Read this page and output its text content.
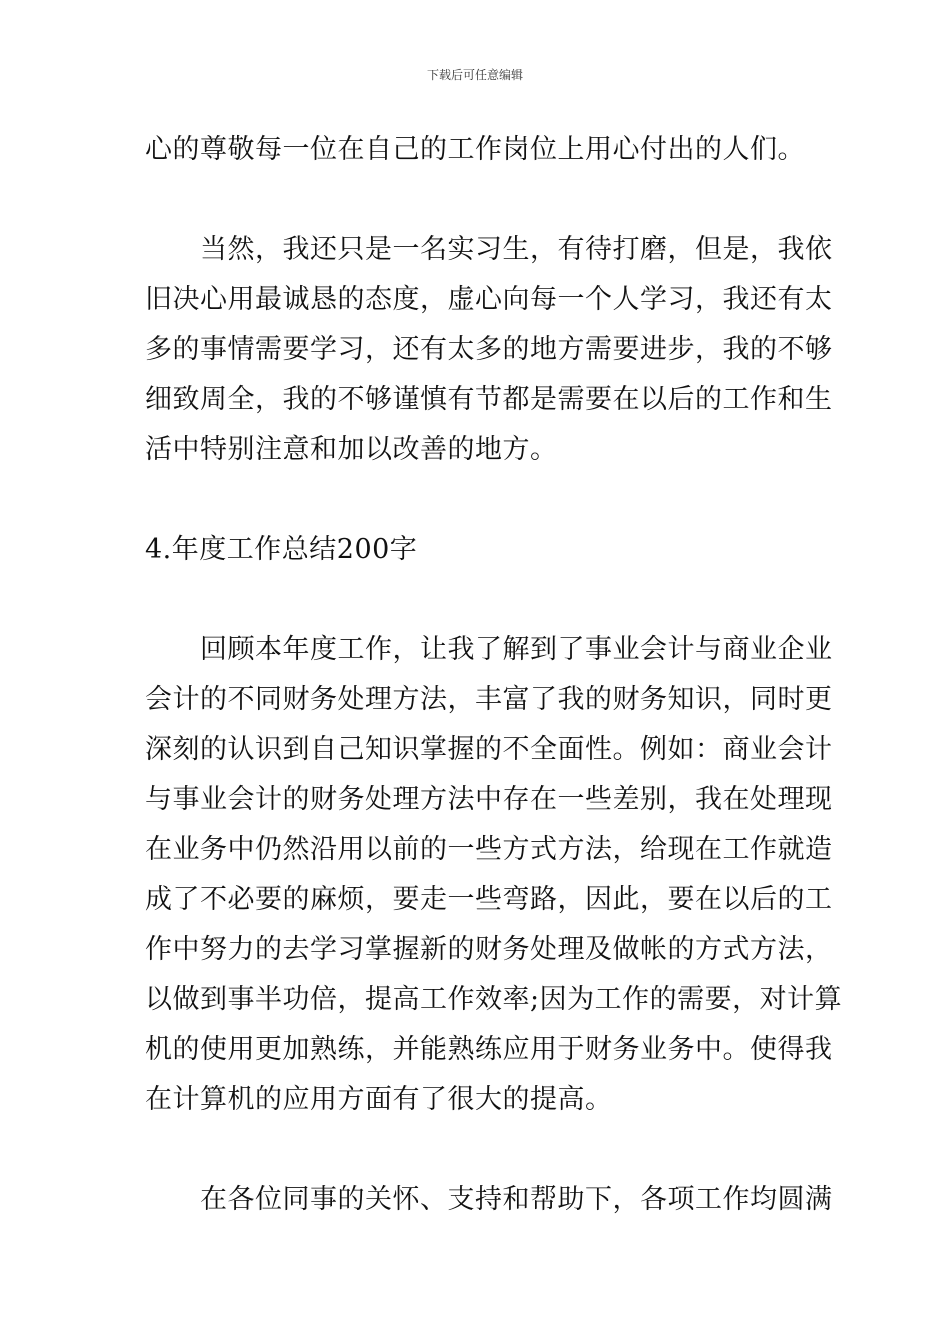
下载后可任意编辑
心的尊敬每一位在自己的工作岗位上用心付出的人们。
　　当然，我还只是一名实习生，有待打磨，但是，我依
旧决心用最诚恳的态度，虚心向每一个人学习，我还有太
多的事情需要学习，还有太多的地方需要进步，我的不够
细致周全，我的不够谨慎有节都是需要在以后的工作和生
活中特别注意和加以改善的地方。
4.年度工作总结200字
　　回顾本年度工作，让我了解到了事业会计与商业企业
会计的不同财务处理方法，丰富了我的财务知识，同时更
深刻的认识到自己知识掌握的不全面性。例如：商业会计
与事业会计的财务处理方法中存在一些差别，我在处理现
在业务中仍然沿用以前的一些方式方法，给现在工作就造
成了不必要的麻烦，要走一些弯路，因此，要在以后的工
作中努力的去学习掌握新的财务处理及做帐的方式方法，
以做到事半功倍，提高工作效率;因为工作的需要，对计算
机的使用更加熟练，并能熟练应用于财务业务中。使得我
在计算机的应用方面有了很大的提高。
　　在各位同事的关怀、支持和帮助下，各项工作均圆满
